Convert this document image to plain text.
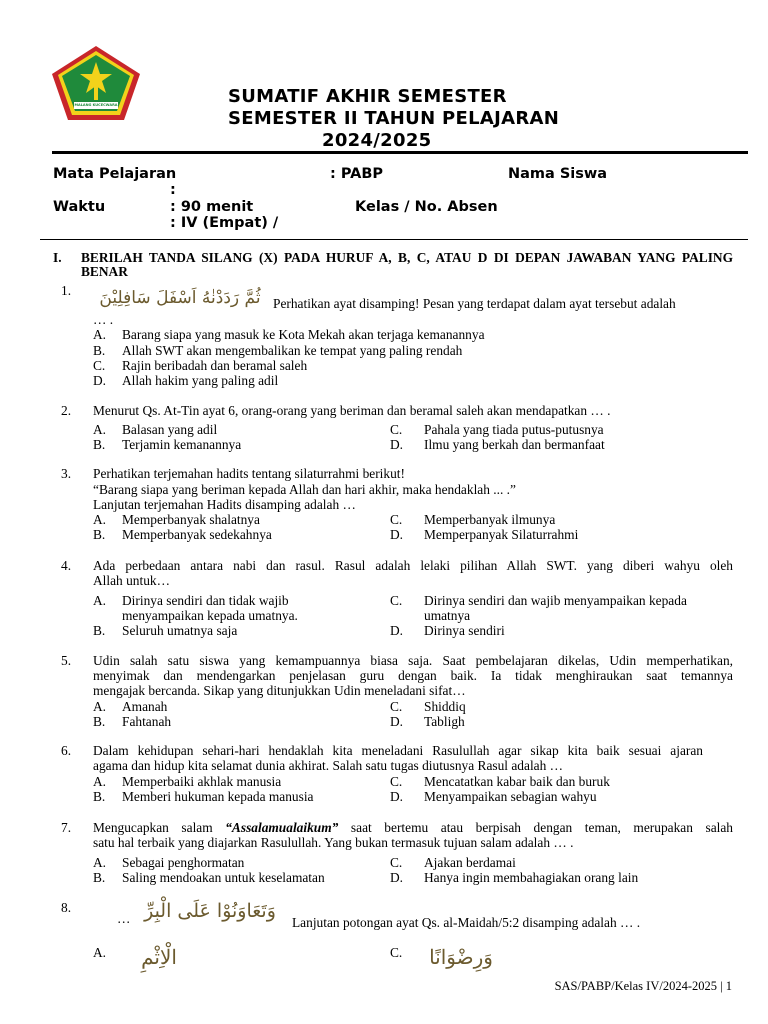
MALANG KUCECWARA	SUMATIF AKHIR SEMESTER
SEMESTER II TAHUN PELAJARAN
2024/2025
Mata Pelajaran	: PABP	Nama Siswa
:
Waktu	: 90 menit	Kelas / No. Absen
: IV (Empat) /
I. BERILAH TANDA SILANG (X) PADA HURUF A, B, C, ATAU D DI DEPAN JAWABAN YANG PALING BENAR
1.	ثُمَّ رَدَدْنٰهُ اَسْفَلَ سَافِلِيْنَ Perhatikan ayat disamping! Pesan yang terdapat dalam ayat tersebut adalah
… .
A. Barang siapa yang masuk ke Kota Mekah akan terjaga kemanannya
B. Allah SWT akan mengembalikan ke tempat yang paling rendah
C. Rajin beribadah dan beramal saleh
D. Allah hakim yang paling adil
2. Menurut Qs. At-Tin ayat 6, orang-orang yang beriman dan beramal saleh akan mendapatkan … .
A. Balasan yang adil	C. Pahala yang tiada putus-putusnya
B. Terjamin kemanannya	D. Ilmu yang berkah dan bermanfaat
3. Perhatikan terjemahan hadits tentang silaturrahmi berikut!
“Barang siapa yang beriman kepada Allah dan hari akhir, maka hendaklah ... .”
Lanjutan terjemahan Hadits disamping adalah …
A. Memperbanyak shalatnya	C. Memperbanyak ilmunya
B. Memperbanyak sedekahnya	D. Memperpanyak Silaturrahmi
4. Ada perbedaan antara nabi dan rasul. Rasul adalah lelaki pilihan Allah SWT. yang diberi wahyu oleh
Allah untuk…
A. Dirinya sendiri dan tidak wajib
menyampaikan kepada umatnya.
C. Dirinya sendiri dan wajib menyampaikan kepada
umatnya
B. Seluruh umatnya saja	D. Dirinya sendiri
5. Udin salah satu siswa yang kemampuannya biasa saja. Saat pembelajaran dikelas, Udin memperhatikan,
menyimak dan mendengarkan penjelasan guru dengan baik. Ia tidak menghiraukan saat temannya
mengajak bercanda. Sikap yang ditunjukkan Udin meneladani sifat…
A. Amanah	C. Shiddiq
B. Fahtanah	D. Tabligh
6. Dalam kehidupan sehari-hari hendaklah kita meneladani Rasulullah agar sikap kita baik sesuai ajaran
agama dan hidup kita selamat dunia akhirat. Salah satu tugas diutusnya Rasul adalah …
A. Memperbaiki akhlak manusia	C. Mencatatkan kabar baik dan buruk
B. Memberi hukuman kepada manusia	D. Menyampaikan sebagian wahyu
7. Mengucapkan salam “Assalamualaikum” saat bertemu atau berpisah dengan teman, merupakan salah
satu hal terbaik yang diajarkan Rasulullah. Yang bukan termasuk tujuan salam adalah … .
A. Sebagai penghormatan	C. Ajakan berdamai
B. Saling mendoakan untuk keselamatan	D. Hanya ingin membahagiakan orang lain
8.
… وَتَعَاوَنُوْا عَلَى الْبِرِّ
Lanjutan potongan ayat Qs. al-Maidah/5:2 disamping adalah … .
A.	الْاِثْمِ	C.	وَرِضْوَانًا
SAS/PABP/Kelas IV/2024-2025 | 1
